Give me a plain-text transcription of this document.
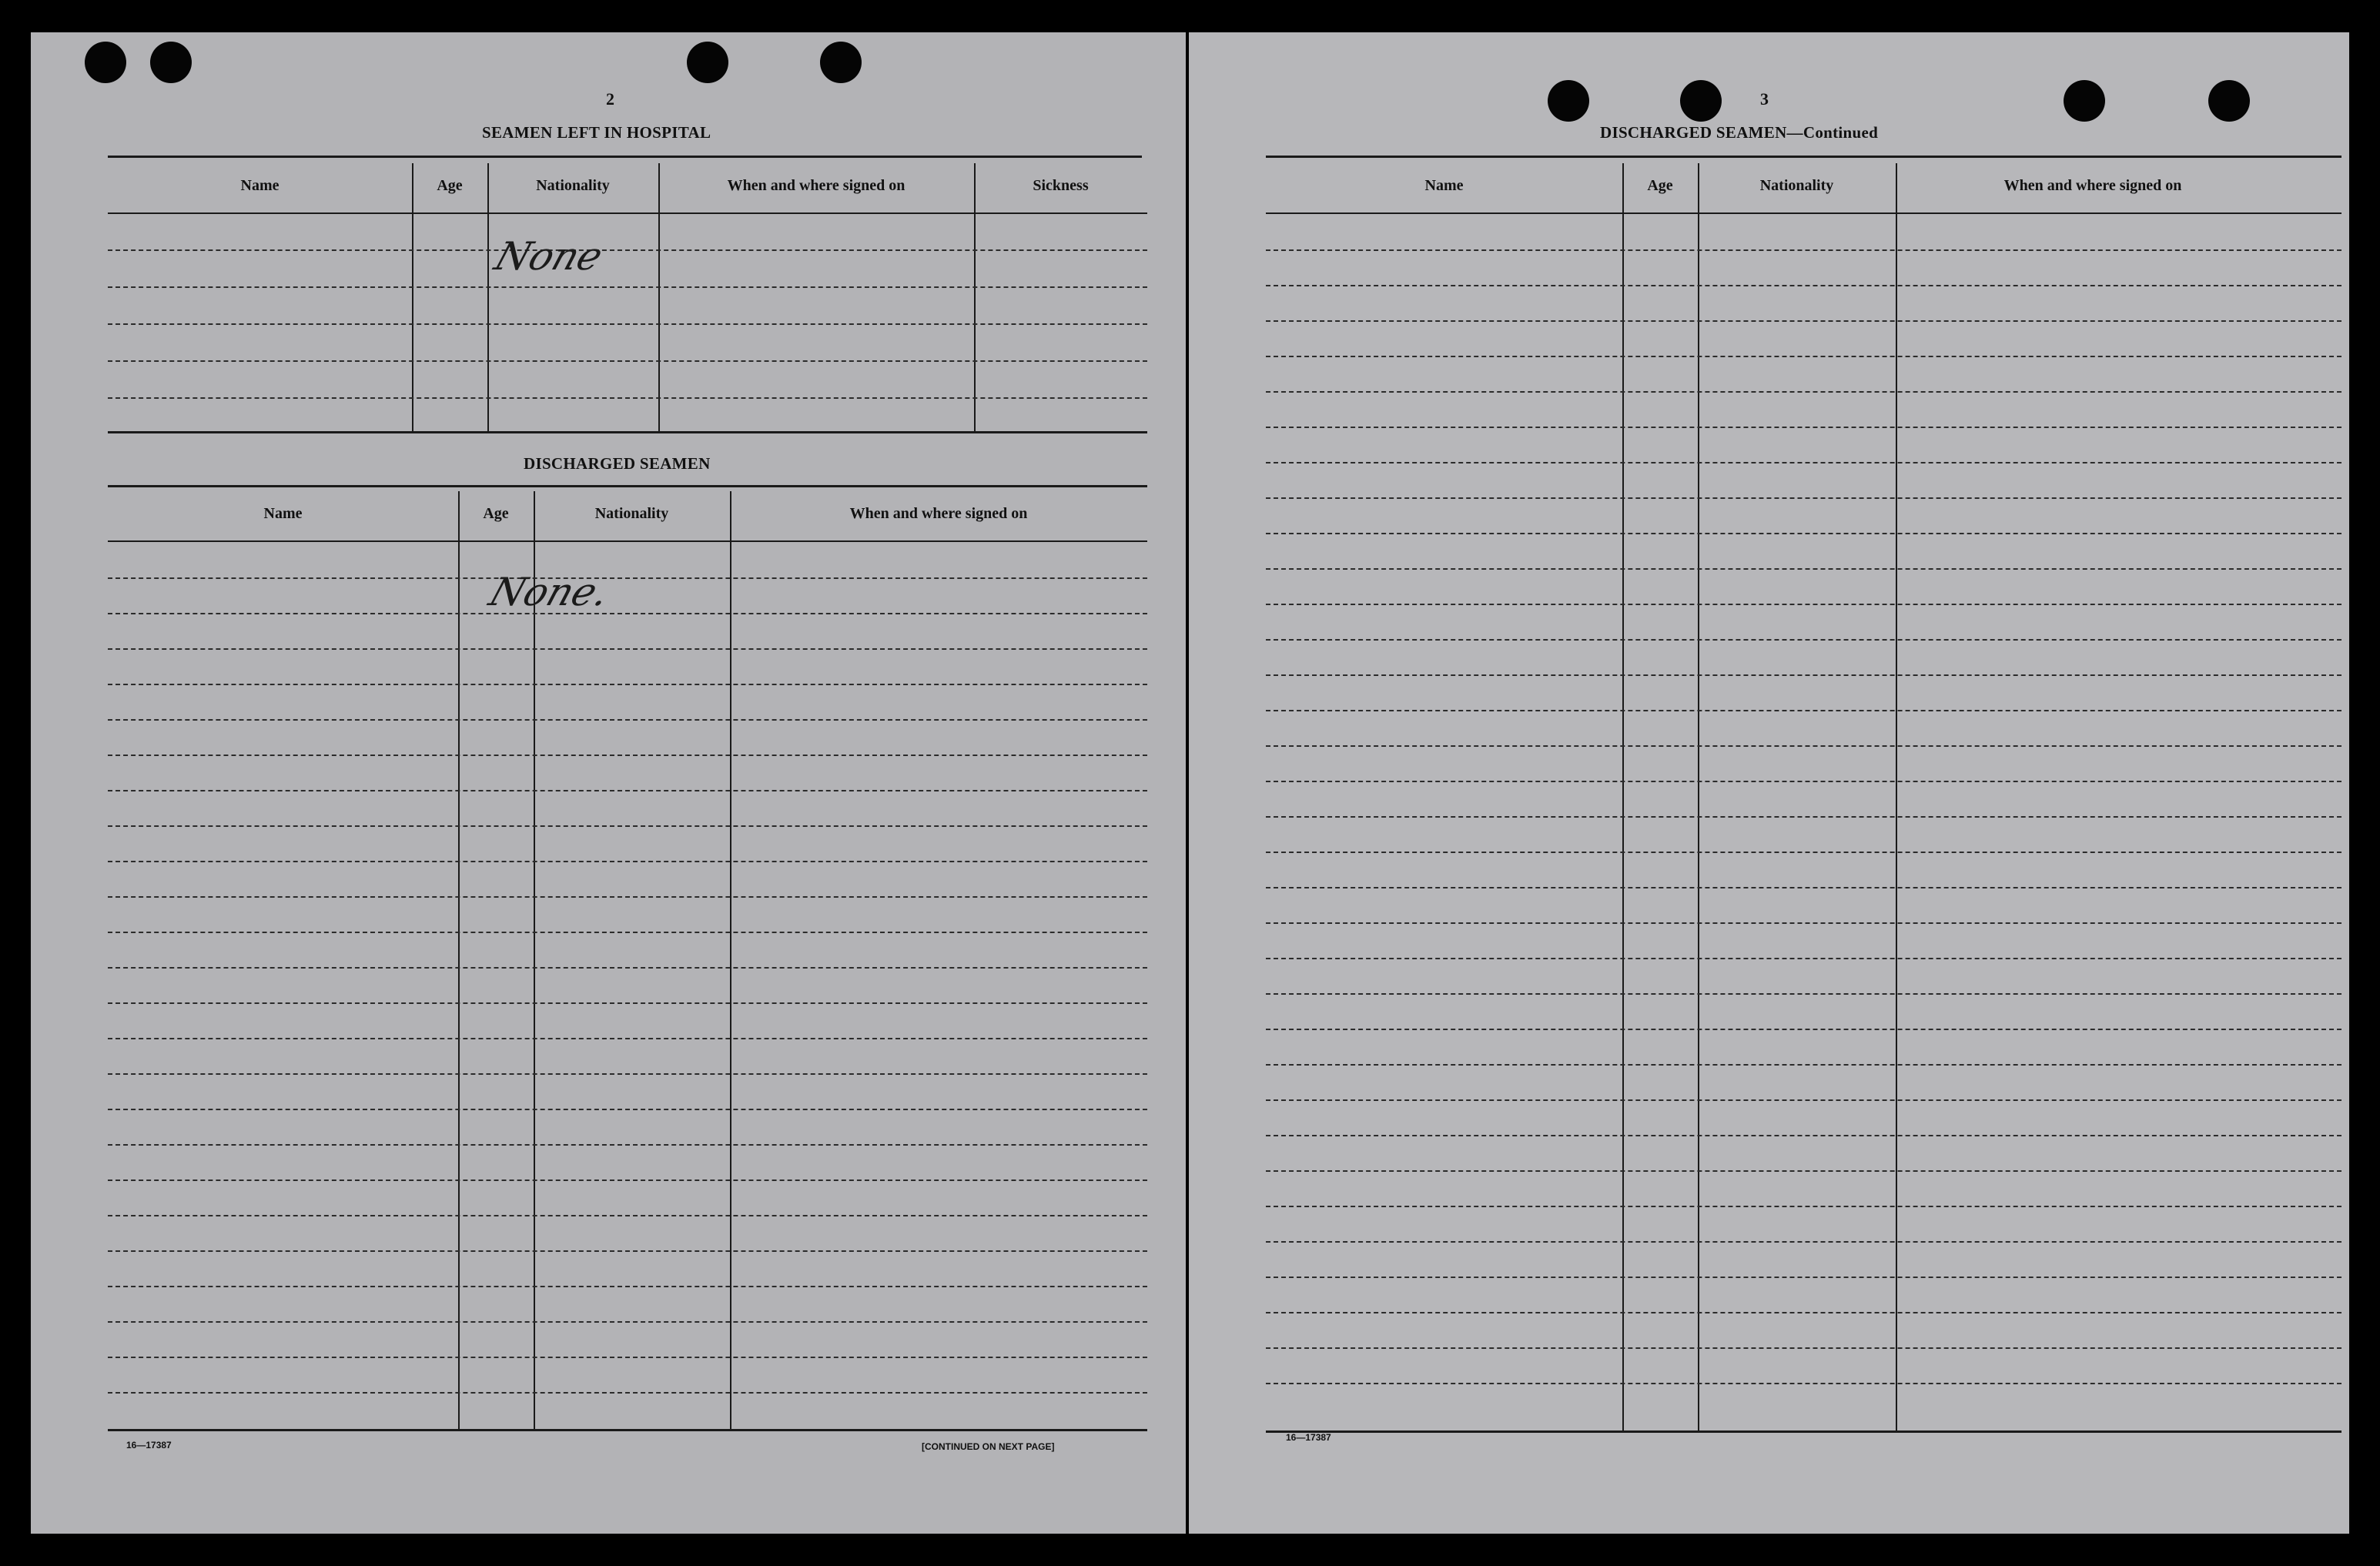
2
SEAMEN LEFT IN HOSPITAL
Name	Age	Nationality	When and where signed on	Sickness
None
DISCHARGED SEAMEN
Name	Age	Nationality	When and where signed on
None.
16—17387	[CONTINUED ON NEXT PAGE]
3
DISCHARGED SEAMEN—Continued
Name	Age	Nationality	When and where signed on
16—17387
